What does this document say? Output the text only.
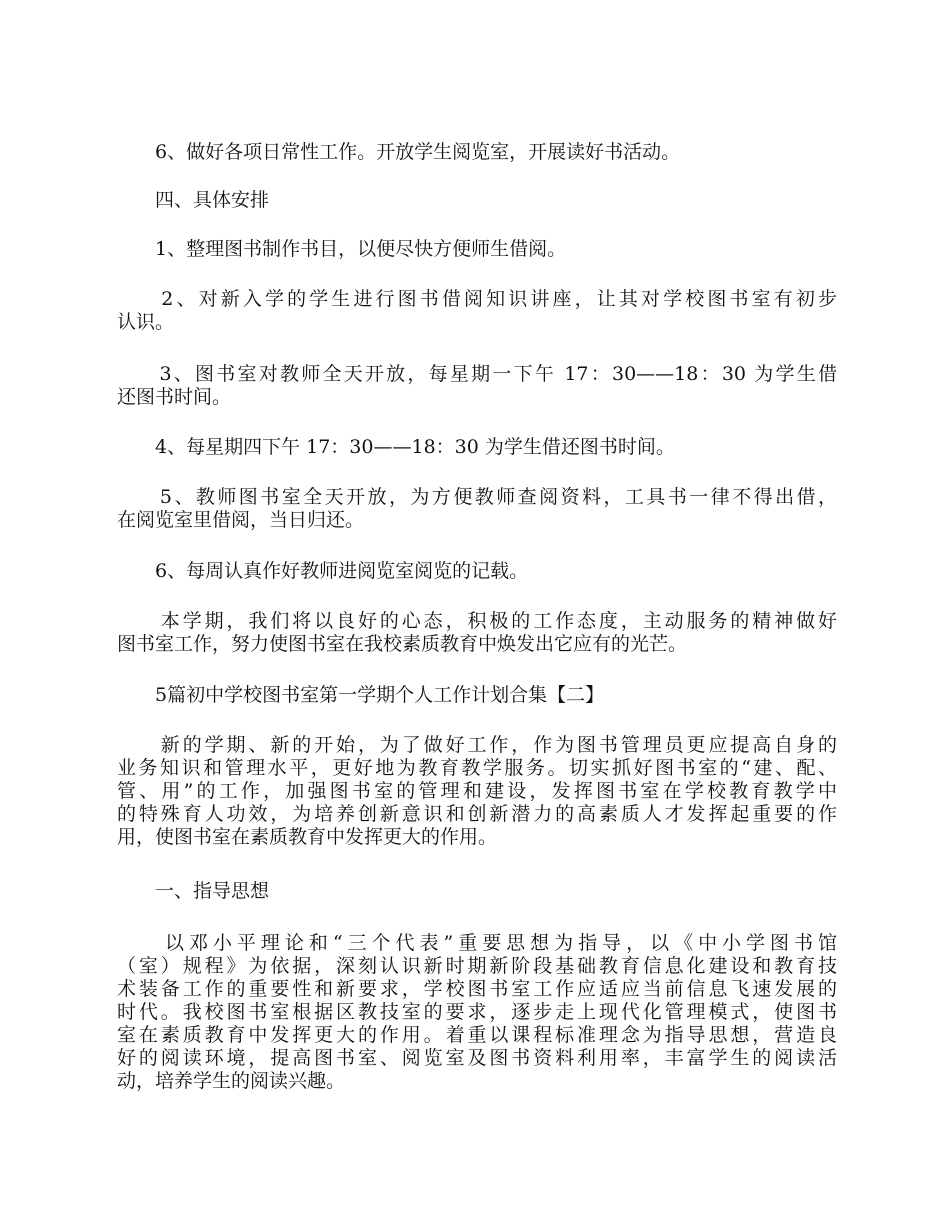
　　6、做好各项日常性工作。开放学生阅览室，开展读好书活动。

　　四、具体安排

　　1、整理图书制作书目，以便尽快方便师生借阅。

　　2、对新入学的学生进行图书借阅知识讲座，让其对学校图书室有初步
认识。

　　3、图书室对教师全天开放，每星期一下午 17：30——18：30 为学生借
还图书时间。

　　4、每星期四下午 17：30——18：30 为学生借还图书时间。

　　5、教师图书室全天开放，为方便教师查阅资料，工具书一律不得出借，
在阅览室里借阅，当日归还。

　　6、每周认真作好教师进阅览室阅览的记载。

　　本学期，我们将以良好的心态，积极的工作态度，主动服务的精神做好
图书室工作，努力使图书室在我校素质教育中焕发出它应有的光芒。

　　5篇初中学校图书室第一学期个人工作计划合集【二】

　　新的学期、新的开始，为了做好工作，作为图书管理员更应提高自身的
业务知识和管理水平，更好地为教育教学服务。切实抓好图书室的“建、配、
管、用”的工作，加强图书室的管理和建设，发挥图书室在学校教育教学中
的特殊育人功效，为培养创新意识和创新潜力的高素质人才发挥起重要的作
用，使图书室在素质教育中发挥更大的作用。

　　一、指导思想

　　以邓小平理论和“三个代表”重要思想为指导，以《中小学图书馆
（室）规程》为依据，深刻认识新时期新阶段基础教育信息化建设和教育技
术装备工作的重要性和新要求，学校图书室工作应适应当前信息飞速发展的
时代。我校图书室根据区教技室的要求，逐步走上现代化管理模式，使图书
室在素质教育中发挥更大的作用。着重以课程标准理念为指导思想，营造良
好的阅读环境，提高图书室、阅览室及图书资料利用率，丰富学生的阅读活
动，培养学生的阅读兴趣。
